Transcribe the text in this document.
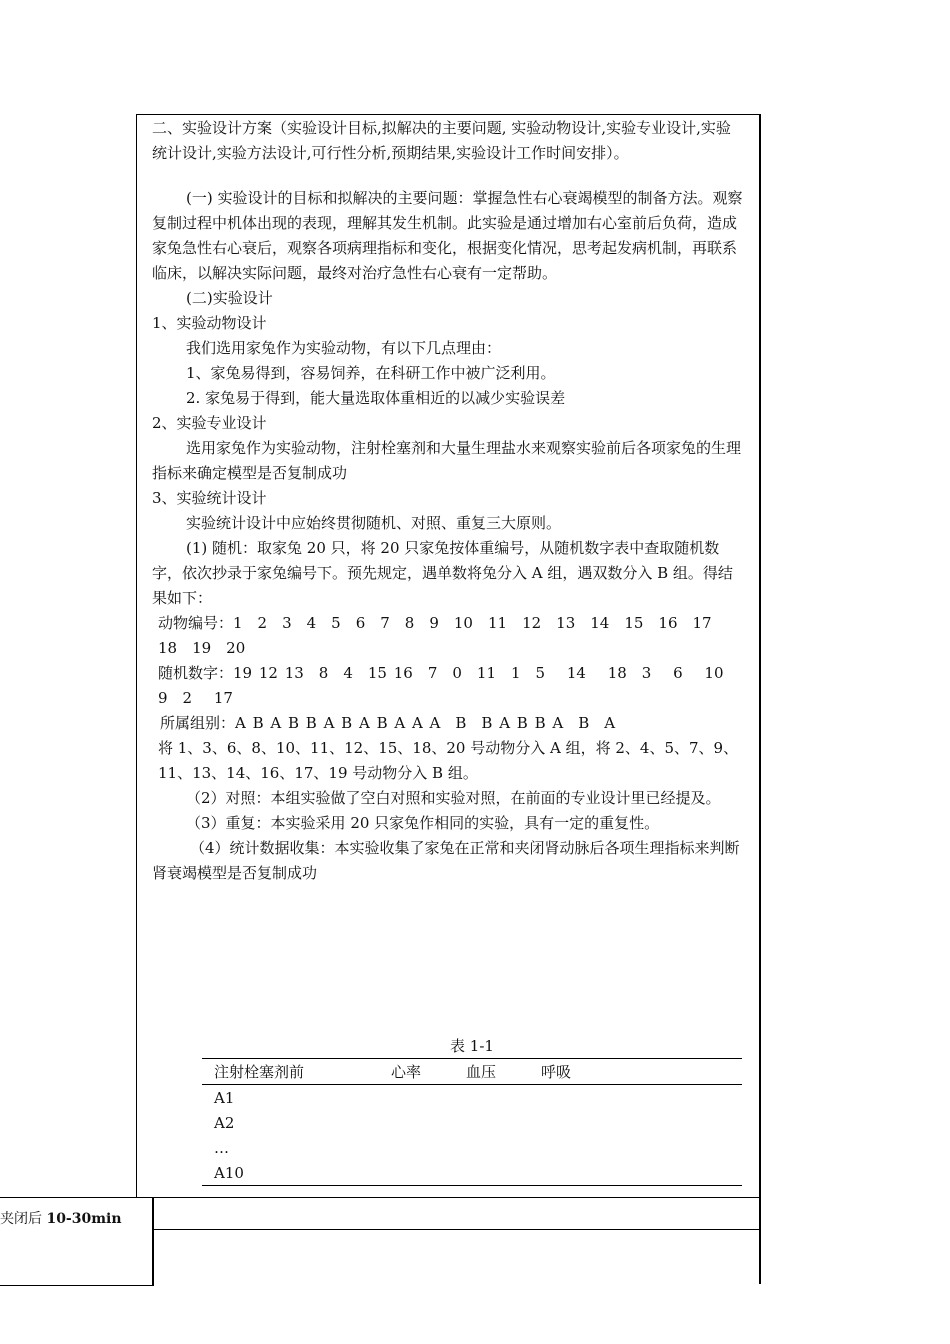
二、实验设计方案（实验设计目标,拟解决的主要问题, 实验动物设计,实验专业设计,实验统计设计,实验方法设计,可行性分析,预期结果,实验设计工作时间安排）。

(一) 实验设计的目标和拟解决的主要问题：掌握急性右心衰竭模型的制备方法。观察复制过程中机体出现的表现，理解其发生机制。此实验是通过增加右心室前后负荷，造成家兔急性右心衰后，观察各项病理指标和变化，根据变化情况，思考起发病机制，再联系临床，以解决实际问题，最终对治疗急性右心衰有一定帮助。

(二)实验设计

1、实验动物设计

我们选用家兔作为实验动物，有以下几点理由：

1、家兔易得到，容易饲养，在科研工作中被广泛利用。

2. 家兔易于得到，能大量选取体重相近的以减少实验误差

2、实验专业设计

选用家兔作为实验动物，注射栓塞剂和大量生理盐水来观察实验前后各项家兔的生理指标来确定模型是否复制成功

3、实验统计设计

实验统计设计中应始终贯彻随机、对照、重复三大原则。

(1) 随机：取家兔 20 只，将 20 只家兔按体重编号，从随机数字表中查取随机数字，依次抄录于家兔编号下。预先规定，遇单数将兔分入 A 组，遇双数分入 B 组。得结果如下：

动物编号：1　2　3　4　5　6　7　8　9　10　11　12　13　14　15　16　17　18　19　20

随机数字：19 12 13　8　4　15 16　7　0　11　1　5　 14　 18　3　 6　 10　9　2　 17

所属组别：A B A B B A B A B A A A　B　B A B B A　B　A

将 1、3、6、8、10、11、12、15、18、20 号动物分入 A 组，将 2、4、5、7、9、11、13、14、16、17、19 号动物分入 B 组。

（2）对照：本组实验做了空白对照和实验对照，在前面的专业设计里已经提及。

（3）重复：本实验采用 20 只家兔作相同的实验，具有一定的重复性。

（4）统计数据收集：本实验收集了家兔在正常和夹闭肾动脉后各项生理指标来判断肾衰竭模型是否复制成功

表 1-1
注射栓塞剂前	心率	血压	呼吸
A1			
A2			
…			
A10			
夹闭后 10-30min
